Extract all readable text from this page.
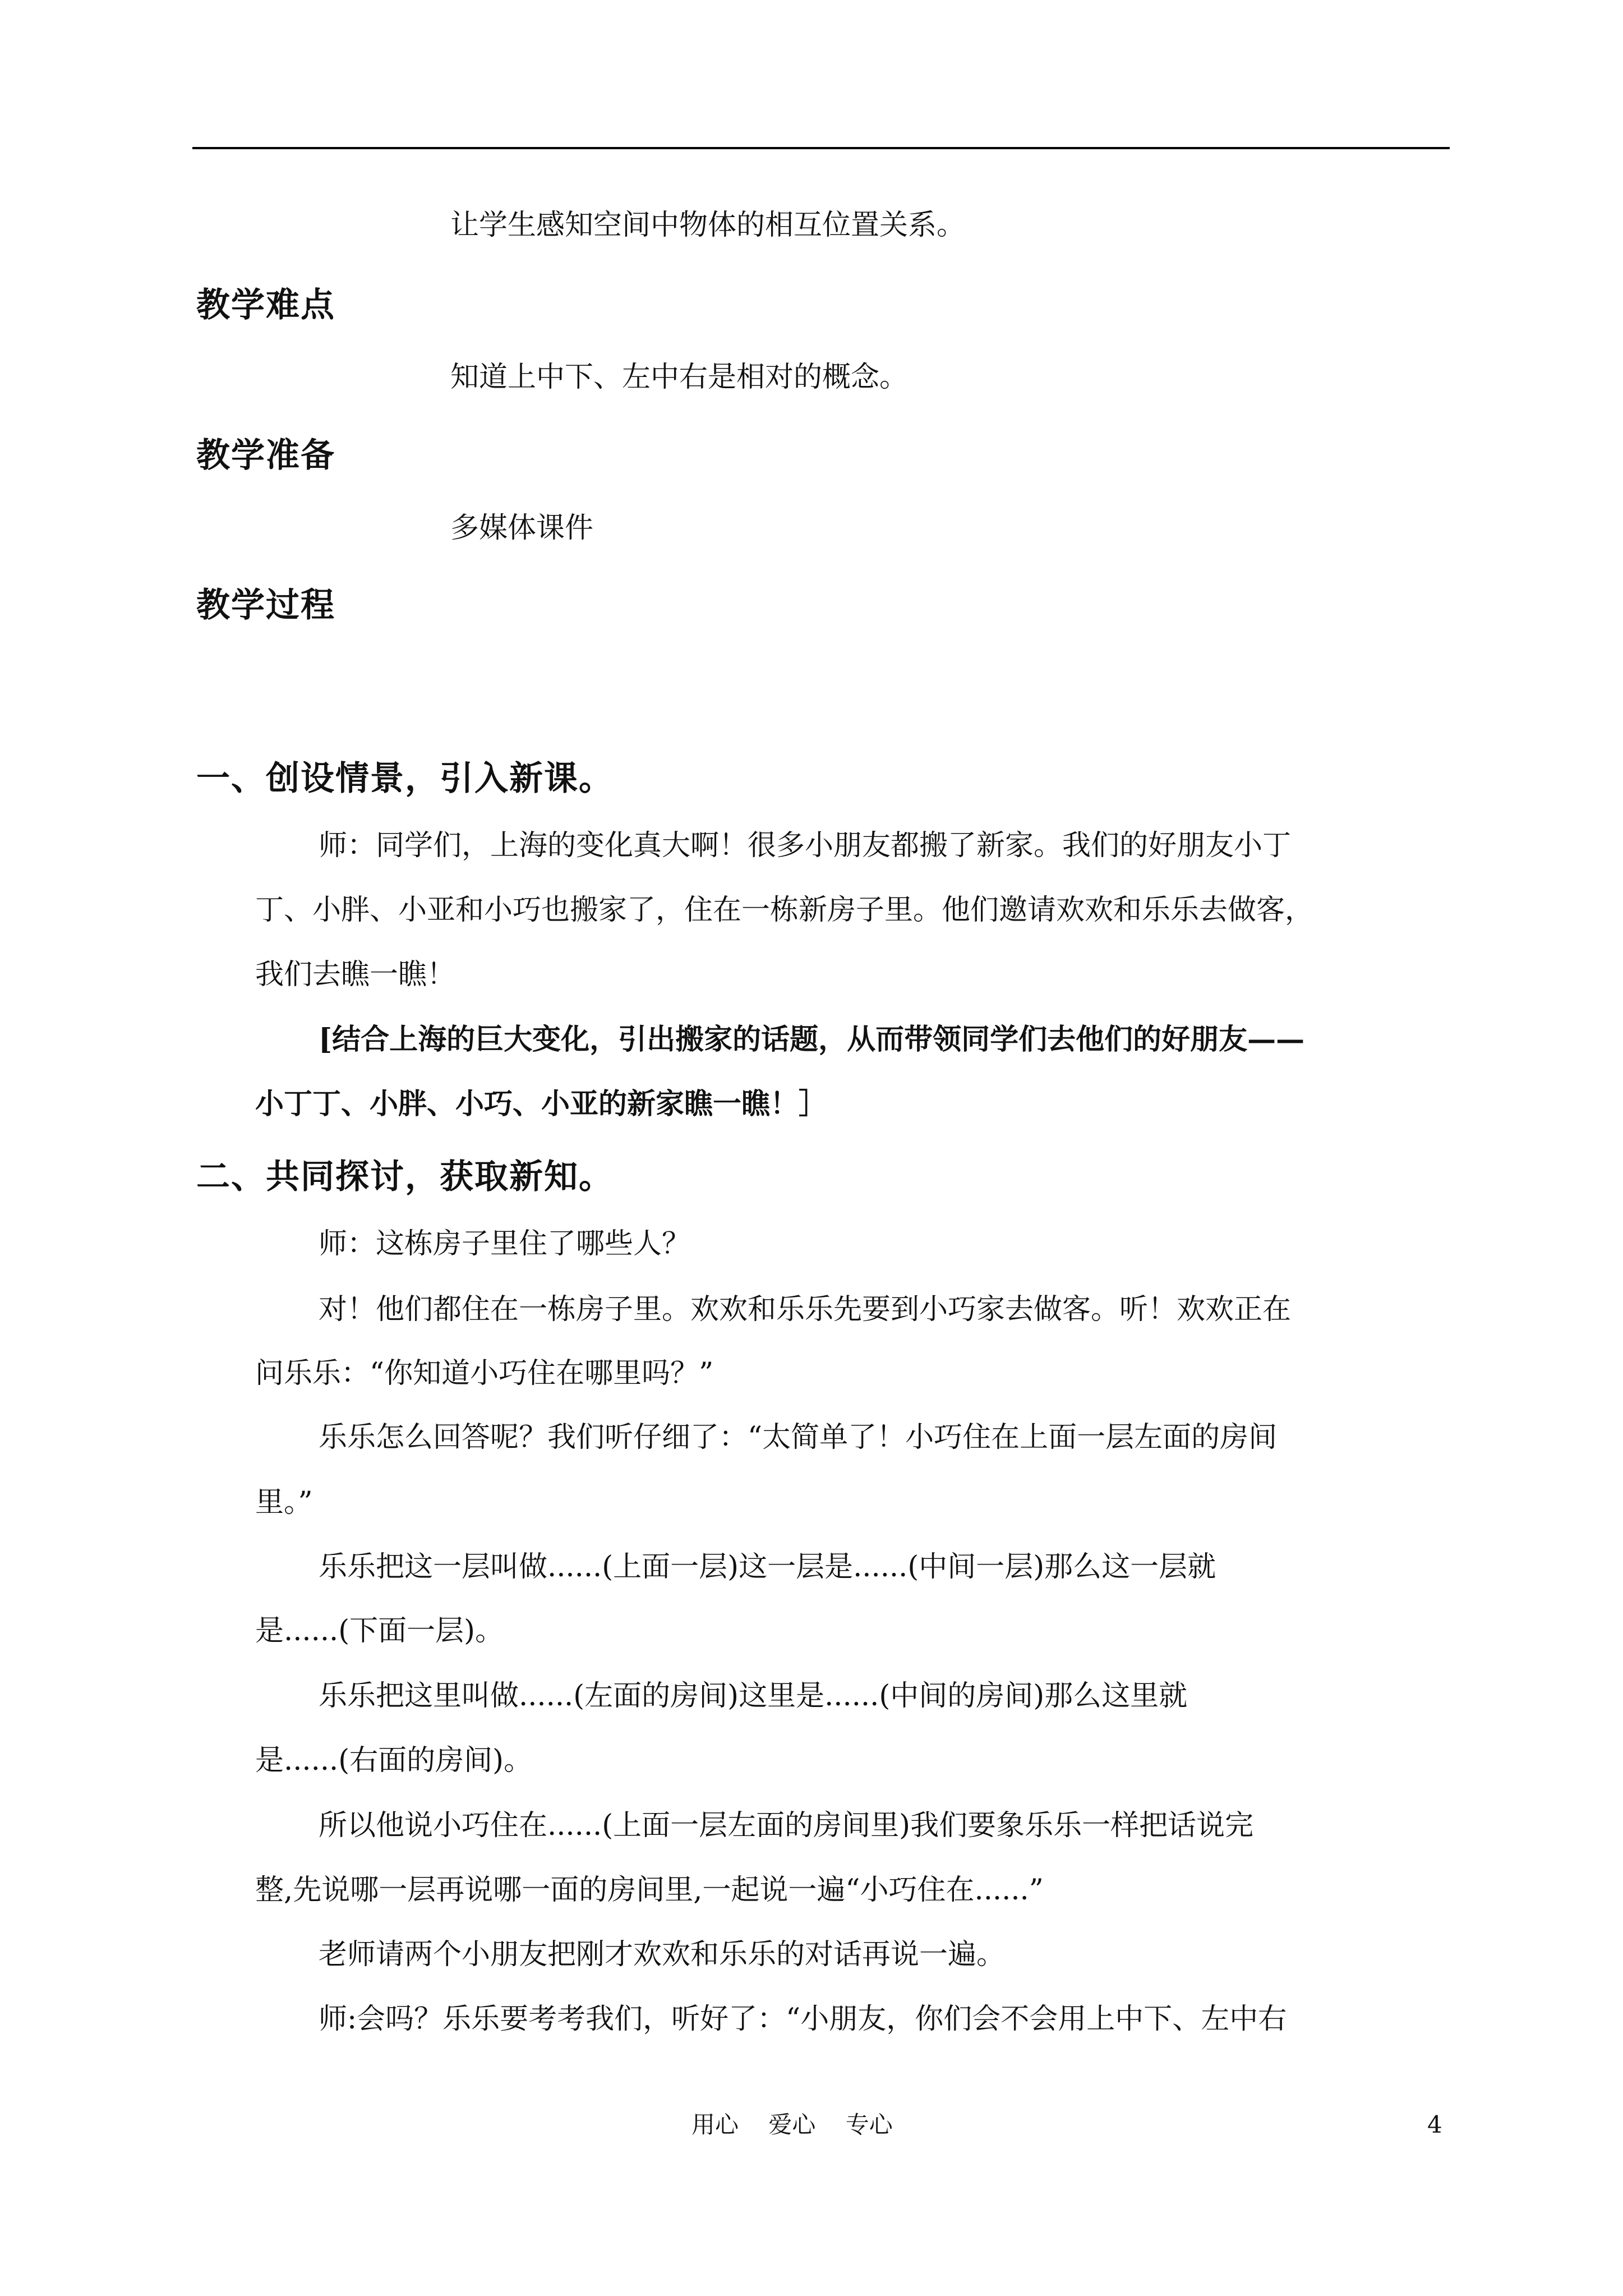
让学生感知空间中物体的相互位置关系。
教学难点
知道上中下、左中右是相对的概念。
教学准备
多媒体课件
教学过程
一、创设情景，引入新课。
师：同学们，上海的变化真大啊！很多小朋友都搬了新家。我们的好朋友小丁
丁、小胖、小亚和小巧也搬家了，住在一栋新房子里。他们邀请欢欢和乐乐去做客，
我们去瞧一瞧！
[结合上海的巨大变化，引出搬家的话题，从而带领同学们去他们的好朋友——
小丁丁、小胖、小巧、小亚的新家瞧一瞧！］
二、共同探讨，获取新知。
师：这栋房子里住了哪些人？
对！他们都住在一栋房子里。欢欢和乐乐先要到小巧家去做客。听！欢欢正在
问乐乐：“你知道小巧住在哪里吗？”
乐乐怎么回答呢？我们听仔细了：“太简单了！小巧住在上面一层左面的房间
里。”
乐乐把这一层叫做......(上面一层)这一层是......(中间一层)那么这一层就
是......(下面一层)。
乐乐把这里叫做......(左面的房间)这里是......(中间的房间)那么这里就
是......(右面的房间)。
所以他说小巧住在......(上面一层左面的房间里)我们要象乐乐一样把话说完
整,先说哪一层再说哪一面的房间里,一起说一遍“小巧住在......”
老师请两个小朋友把刚才欢欢和乐乐的对话再说一遍。
师:会吗？乐乐要考考我们，听好了：“小朋友，你们会不会用上中下、左中右
用心    爱心    专心	4
